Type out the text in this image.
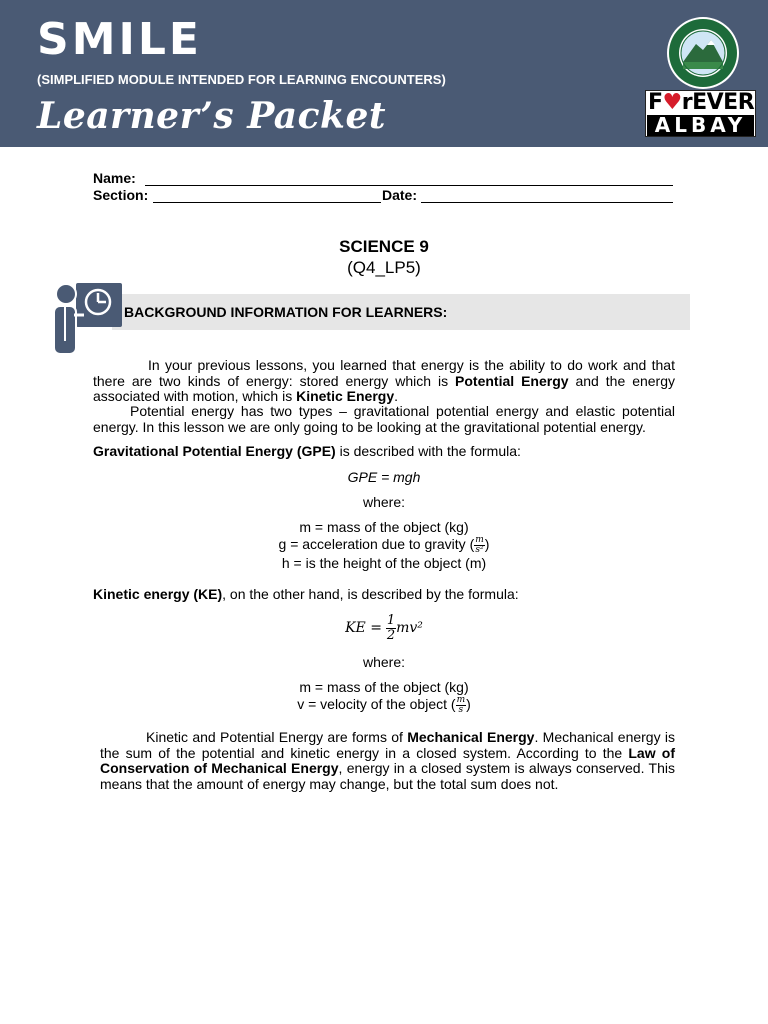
SMILE
(SIMPLIFIED MODULE INTENDED FOR LEARNING ENCOUNTERS)
Learner’s Packet	F♥rEVER
ALBAY
Name:
Section:	Date:
SCIENCE 9
(Q4_LP5)
BACKGROUND INFORMATION FOR LEARNERS:
In your previous lessons, you learned that energy is the ability to do work and that there are two kinds of energy: stored energy which is Potential Energy and the energy associated with motion, which is Kinetic Energy.
Potential energy has two types – gravitational potential energy and elastic potential energy. In this lesson we are only going to be looking at the gravitational potential energy.
Gravitational Potential Energy (GPE) is described with the formula:
GPE = mgh
where:
m = mass of the object (kg)
g = acceleration due to gravity ( $\frac{m}{\text{s²}}$ )
h = is the height of the object (m)
Kinetic energy (KE), on the other hand, is described by the formula:
KE = $\frac{1}{2} mv^2$
where:
m = mass of the object (kg)
v = velocity of the object ( $\frac{m}{s}$ )
Kinetic and Potential Energy are forms of Mechanical Energy. Mechanical energy is the sum of the potential and kinetic energy in a closed system. According to the Law of Conservation of Mechanical Energy, energy in a closed system is always conserved. This means that the amount of energy may change, but the total sum does not.
